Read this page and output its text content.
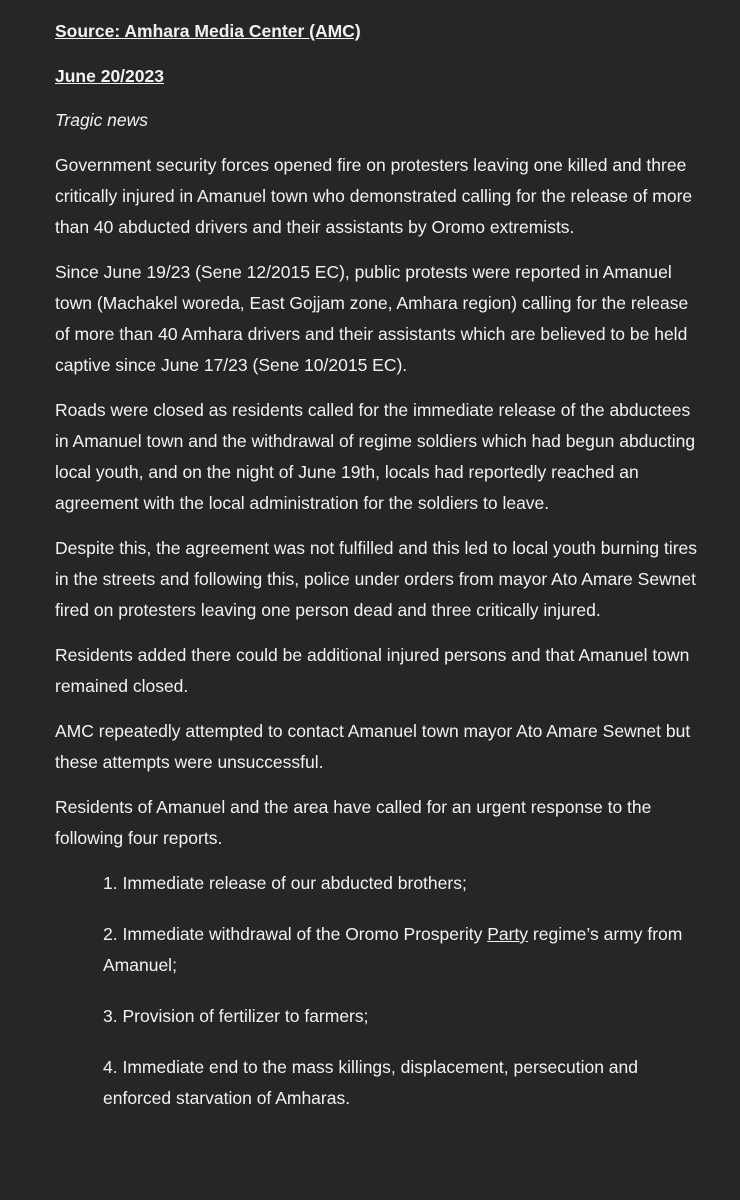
Source: Amhara Media Center (AMC)
June 20/2023
Tragic news

Government security forces opened fire on protesters leaving one killed and three critically injured in Amanuel town who demonstrated calling for the release of more than 40 abducted drivers and their assistants by Oromo extremists.

Since June 19/23 (Sene 12/2015 EC), public protests were reported in Amanuel town (Machakel woreda, East Gojjam zone, Amhara region) calling for the release of more than 40 Amhara drivers and their assistants which are believed to be held captive since June 17/23 (Sene 10/2015 EC).

Roads were closed as residents called for the immediate release of the abductees in Amanuel town and the withdrawal of regime soldiers which had begun abducting local youth, and on the night of June 19th, locals had reportedly reached an agreement with the local administration for the soldiers to leave.

Despite this, the agreement was not fulfilled and this led to local youth burning tires in the streets and following this, police under orders from mayor Ato Amare Sewnet fired on protesters leaving one person dead and three critically injured.

Residents added there could be additional injured persons and that Amanuel town remained closed.

AMC repeatedly attempted to contact Amanuel town mayor Ato Amare Sewnet but these attempts were unsuccessful.

Residents of Amanuel and the area have called for an urgent response to the following four reports.

1. Immediate release of our abducted brothers;
2. Immediate withdrawal of the Oromo Prosperity Party regime’s army from Amanuel;
3. Provision of fertilizer to farmers;
4. Immediate end to the mass killings, displacement, persecution and enforced starvation of Amharas.
